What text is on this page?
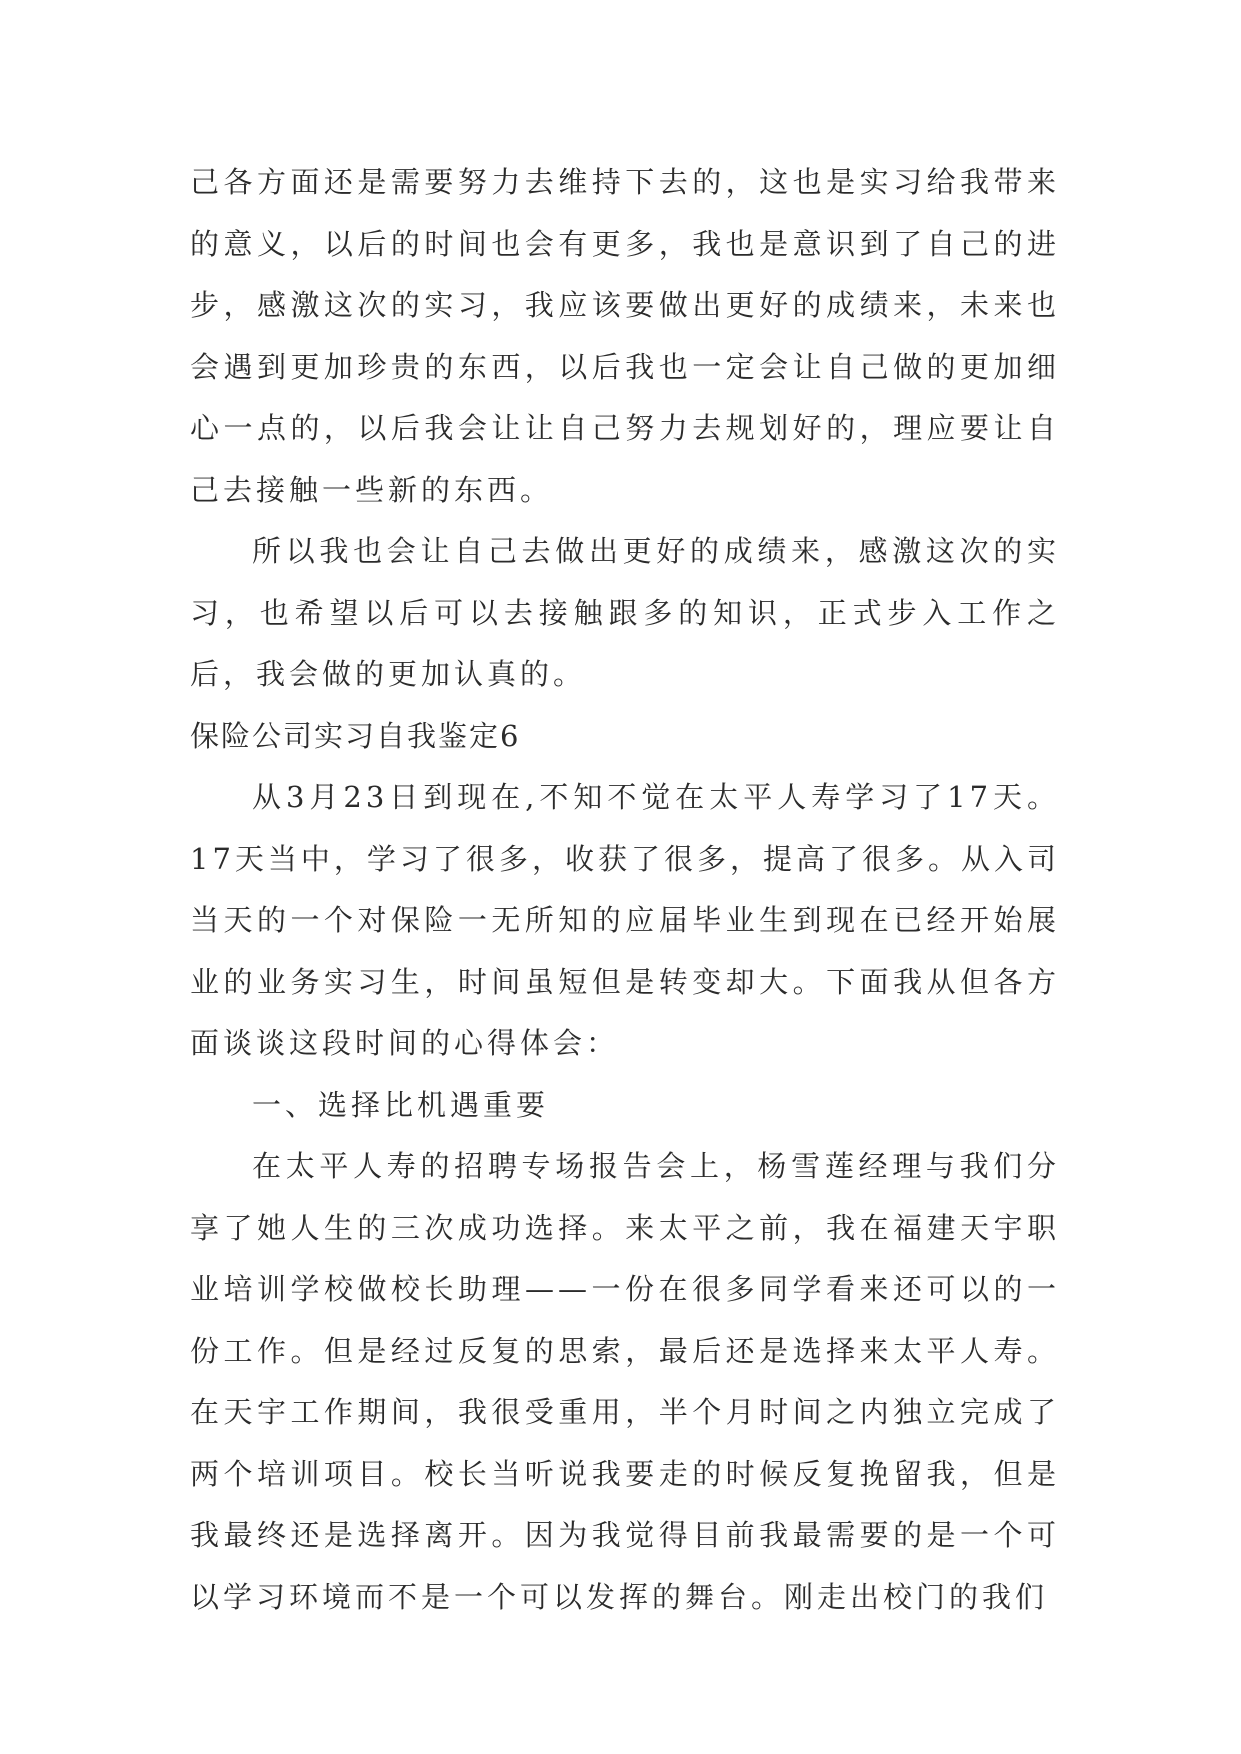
己各方面还是需要努力去维持下去的，这也是实习给我带来的意义，以后的时间也会有更多，我也是意识到了自己的进步，感激这次的实习，我应该要做出更好的成绩来，未来也会遇到更加珍贵的东西，以后我也一定会让自己做的更加细心一点的，以后我会让让自己努力去规划好的，理应要让自己去接触一些新的东西。

所以我也会让自己去做出更好的成绩来，感激这次的实习，也希望以后可以去接触跟多的知识，正式步入工作之后，我会做的更加认真的。

保险公司实习自我鉴定6

从3月23日到现在,不知不觉在太平人寿学习了17天。17天当中，学习了很多，收获了很多，提高了很多。从入司当天的一个对保险一无所知的应届毕业生到现在已经开始展业的业务实习生，时间虽短但是转变却大。下面我从但各方面谈谈这段时间的心得体会：

一、选择比机遇重要

在太平人寿的招聘专场报告会上，杨雪莲经理与我们分享了她人生的三次成功选择。来太平之前，我在福建天宇职业培训学校做校长助理——一份在很多同学看来还可以的一份工作。但是经过反复的思索，最后还是选择来太平人寿。在天宇工作期间，我很受重用，半个月时间之内独立完成了两个培训项目。校长当听说我要走的时候反复挽留我，但是我最终还是选择离开。因为我觉得目前我最需要的是一个可以学习环境而不是一个可以发挥的舞台。刚走出校门的我们
